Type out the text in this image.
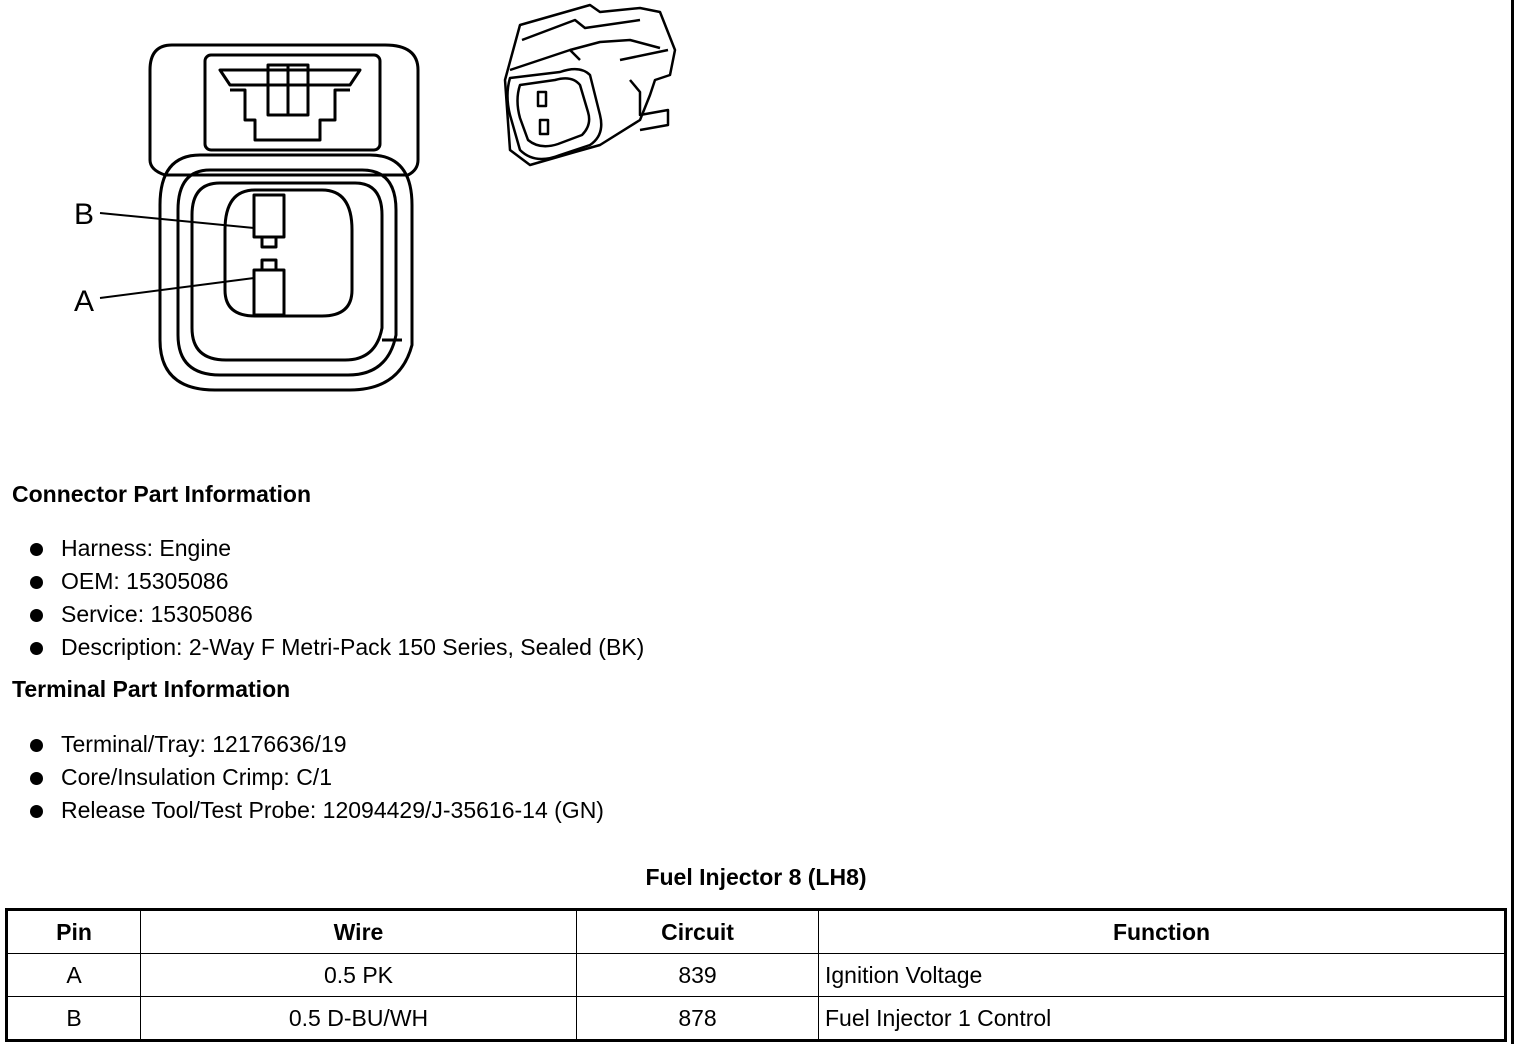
B
A
Connector Part Information
Harness: Engine
OEM: 15305086
Service: 15305086
Description: 2-Way F Metri-Pack 150 Series, Sealed (BK)
Terminal Part Information
Terminal/Tray: 12176636/19
Core/Insulation Crimp: C/1
Release Tool/Test Probe: 12094429/J-35616-14 (GN)
Fuel Injector 8 (LH8)
Pin	Wire	Circuit	Function
A	0.5 PK	839	Ignition Voltage
B	0.5 D-BU/WH	878	Fuel Injector 1 Control
